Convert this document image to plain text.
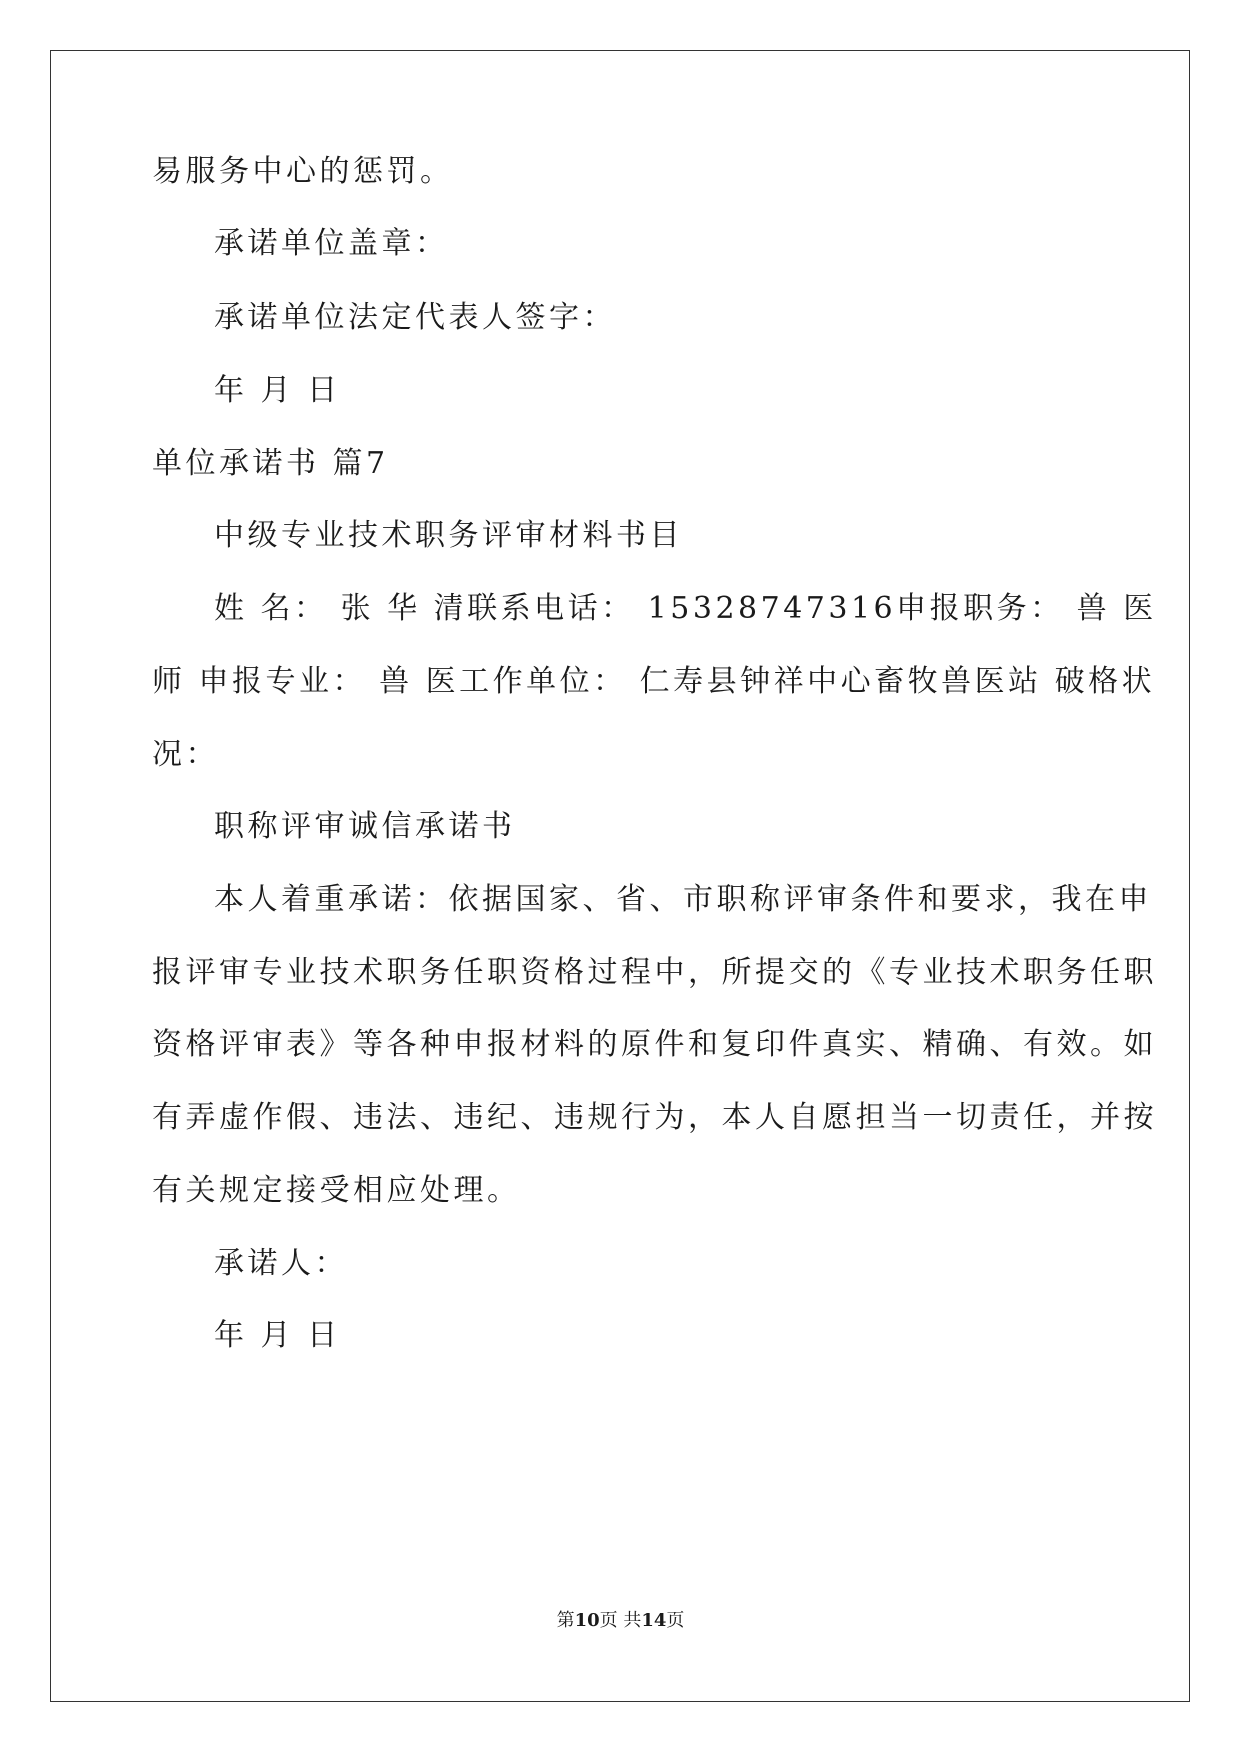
易服务中心的惩罚。
承诺单位盖章：
承诺单位法定代表人签字：
年 月 日
单位承诺书 篇7
中级专业技术职务评审材料书目
姓 名： 张 华 清联系电话： 15328747316申报职务： 兽 医
师 申报专业： 兽 医工作单位： 仁寿县钟祥中心畜牧兽医站 破格状
况：
职称评审诚信承诺书
本人着重承诺：依据国家、省、市职称评审条件和要求，我在申
报评审专业技术职务任职资格过程中，所提交的《专业技术职务任职
资格评审表》等各种申报材料的原件和复印件真实、精确、有效。如
有弄虚作假、违法、违纪、违规行为，本人自愿担当一切责任，并按
有关规定接受相应处理。
承诺人：
年 月 日
第10页 共14页
